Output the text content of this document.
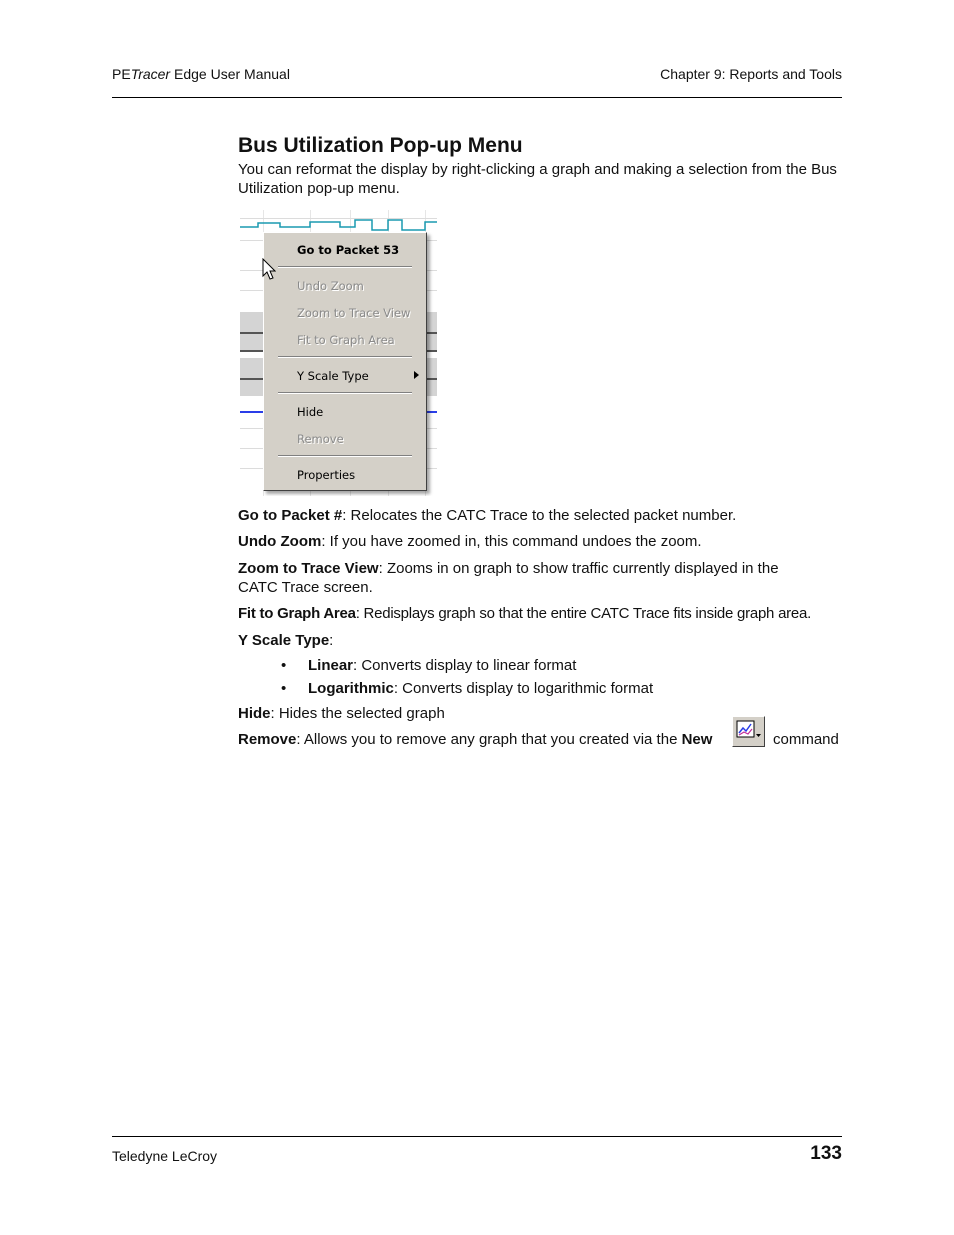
PETracer Edge User Manual	Chapter 9: Reports and Tools
Bus Utilization Pop-up Menu

You can reformat the display by right-clicking a graph and making a selection from the Bus Utilization pop-up menu.

Go to Packet 53
Undo Zoom
Zoom to Trace View
Fit to Graph Area
Y Scale Type
Hide
Remove
Properties

Go to Packet #: Relocates the CATC Trace to the selected packet number.

Undo Zoom: If you have zoomed in, this command undoes the zoom.

Zoom to Trace View: Zooms in on graph to show traffic currently displayed in the CATC Trace screen.

Fit to Graph Area: Redisplays graph so that the entire CATC Trace fits inside graph area.

Y Scale Type:

• Linear: Converts display to linear format
• Logarithmic: Converts display to logarithmic format

Hide: Hides the selected graph

Remove: Allows you to remove any graph that you created via the New	command
Teledyne LeCroy	133
